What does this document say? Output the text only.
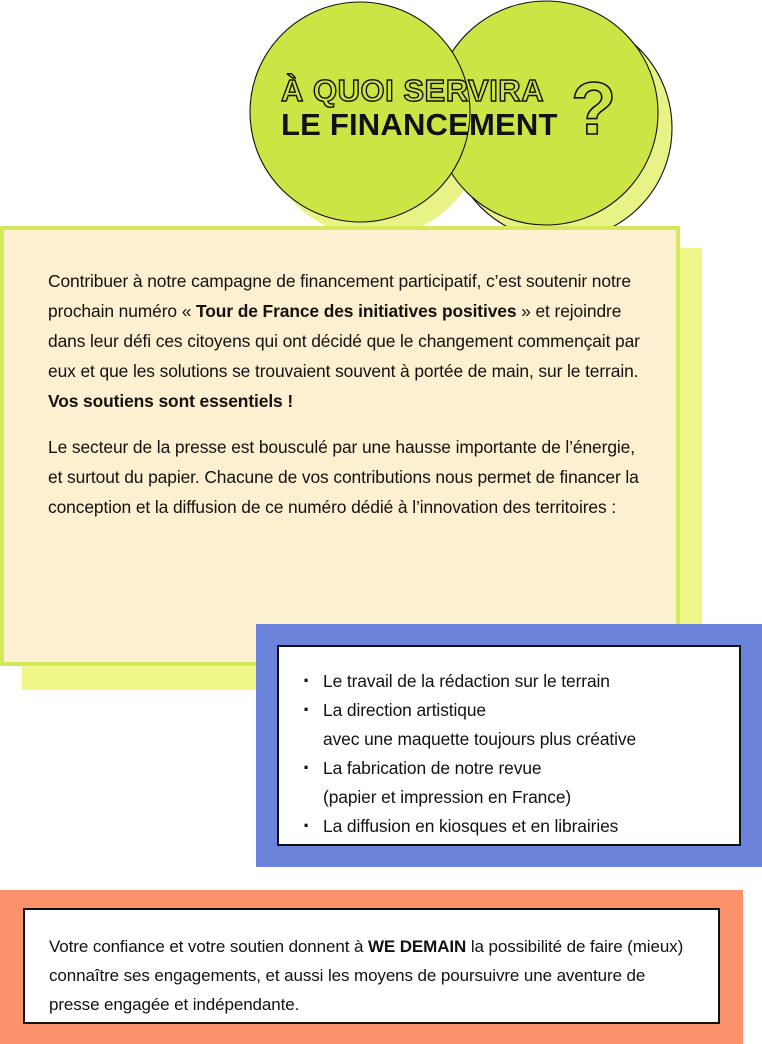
LE FINANCEMENT

Contribuer à notre campagne de financement participatif, c’est soutenir notre prochain numéro « Tour de France des initiatives positives » et rejoindre dans leur défi ces citoyens qui ont décidé que le changement commençait par eux et que les solutions se trouvaient souvent à portée de main, sur le terrain. Vos soutiens sont essentiels !

Le secteur de la presse est bousculé par une hausse importante de l’énergie, et surtout du papier. Chacune de vos contributions nous permet de financer la conception et la diffusion de ce numéro dédié à l’innovation des territoires :

· Le travail de la rédaction sur le terrain
· La direction artistique
avec une maquette toujours plus créative
· La fabrication de notre revue
(papier et impression en France)
· La diffusion en kiosques et en librairies

Votre confiance et votre soutien donnent à WE DEMAIN la possibilité de faire (mieux) connaître ses engagements, et aussi les moyens de poursuivre une aventure de presse engagée et indépendante.
